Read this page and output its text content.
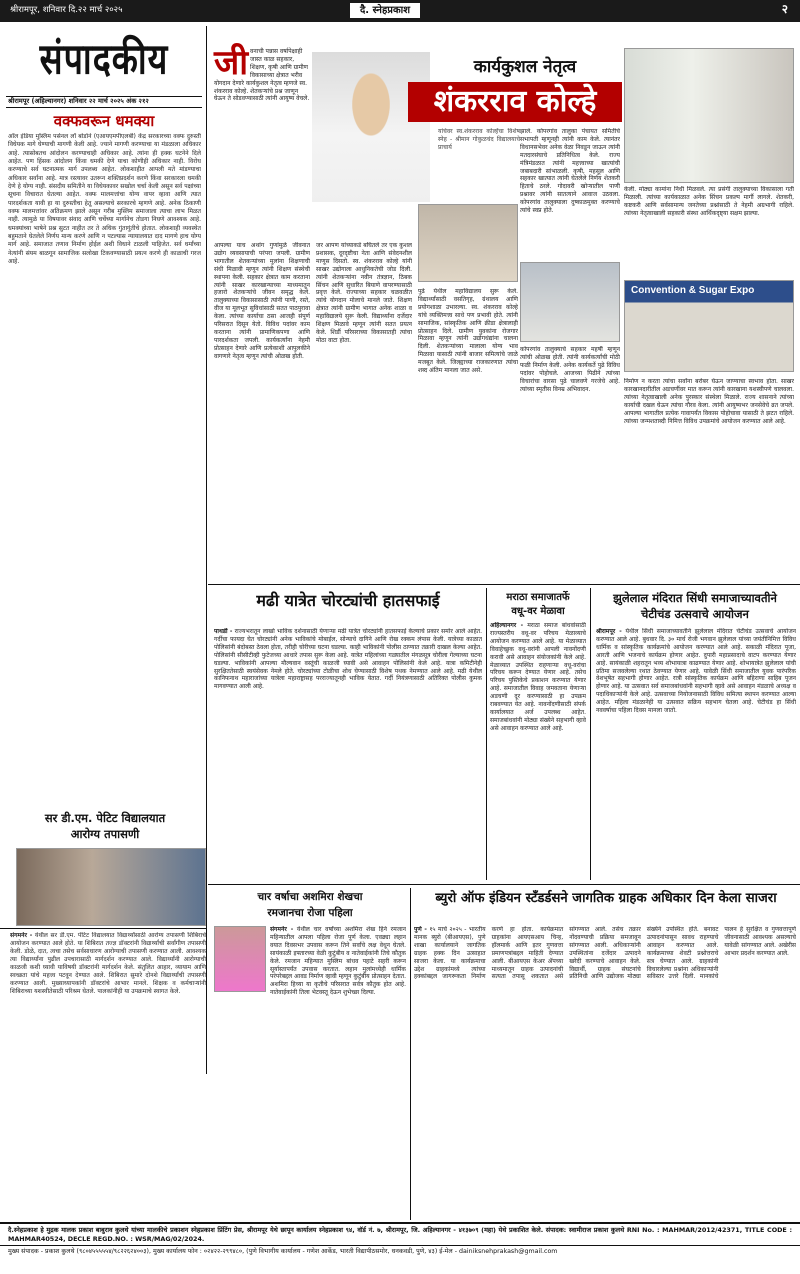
श्रीरामपूर, शनिवार दि.२२ मार्च २०२५	दै. स्नेहप्रकाश	२
संपादकीय
श्रीरामपूर (अहिल्यानगर) शनिवार २२ मार्च २०२५ अंक २१२
वक्फवरून धमक्या
आँल इंडिया मुस्लिम पर्सनल लॉ बोर्डाने (एआयएमपीएलबी) केंद्र सरकारच्या वक्फ दुरुस्ती विधेयक मागे घेण्याची मागणी केली आहे. ज्याने मागणी करण्याचा या मंडळाला अधिकार आहे. त्यासोबतच आंदोलन करण्याचाही अधिकार आहे. त्यांना ही हक्क घटनेने दिले आहेत. पण हिंसक आंदोलन किंवा धमकी देणे याचा कोणीही अधिकार नाही. विरोध करण्याचे सर्व घटनात्मक मार्ग उपलब्ध आहेत. लोकशाहीत आपली मते मांडण्याचा अधिकार सर्वांना आहे. मात्र रस्त्यावर उतरून शक्तिप्रदर्शन करणे किंवा सरकारला धमकी देणे हे योग्य नाही. संसदीय समितीने या विधेयकावर सखोल चर्चा केली असून सर्व पक्षांच्या सूचना विचारात घेतल्या आहेत. वक्फ मालमत्तांचा योग्य वापर व्हावा आणि त्यात पारदर्शकता यावी हा या दुरुस्तीचा हेतू असल्याचे सरकारचे म्हणणे आहे. अनेक ठिकाणी वक्फ मालमत्तांवर अतिक्रमण झाले असून गरीब मुस्लिम समाजाला त्याचा लाभ मिळत नाही. त्यामुळे या विषयावर संवाद आणि चर्चेच्या मार्गानेच तोडगा निघणे आवश्यक आहे. धमक्यांच्या भाषेने प्रश्न सुटत नाहीत तर ते अधिक गुंतागुंतीचे होतात. लोकशाही व्यवस्थेत बहुमताने घेतलेले निर्णय मान्य करणे आणि न पटल्यास न्यायालयात दाद मागणे हाच योग्य मार्ग आहे. समाजात तणाव निर्माण होईल अशी विधाने टाळली पाहिजेत. सर्व धर्मांच्या नेत्यांनी संयम बाळगून सामाजिक सलोखा टिकवण्यासाठी प्रयत्न करणे ही काळाची गरज आहे.
जी वनाची पन्नास वर्षापेक्षाही जास्त काळ सहकार, शिक्षण, कृषी आणि ग्रामीण विकासाच्या क्षेत्रात भरीव योगदान देणारे कार्यकुशल नेतृत्व म्हणजे स्व. शंकरराव कोल्हे. शेतकऱ्यांचे प्रश्न जाणून घेऊन ते सोडवण्यासाठी त्यांनी आयुष्य वेचले.
कार्यकुशल नेतृत्व
शंकरराव कोल्हे
यांचेवर स्व.शंकरराव कोल्हेंचा विशेष स्नेह - श्रीमान गोकुळचंद विद्यालयाचे प्राचार्य
आपल्या याच अथांग गुणांमुळे जीवनात उद्योग व्यवसायाची परंपरा जपली. ग्रामीण भागातील शेतकऱ्यांच्या मुलांना शिक्षणाची संधी मिळावी म्हणून त्यांनी शिक्षण संस्थेची स्थापना केली. सहकार क्षेत्रात काम करताना त्यांनी साखर कारखान्याच्या माध्यमातून हजारो शेतकऱ्यांचे जीवन समृद्ध केले. तालुक्याच्या विकासासाठी त्यांनी पाणी, रस्ते, वीज या मूलभूत सुविधांसाठी सतत पाठपुरावा केला. त्यांच्या कार्याचा ठसा आजही संपूर्ण परिसरात दिसून येतो. विविध पदांवर काम करताना त्यांनी प्रामाणिकपणा आणि पारदर्शकता जपली. कार्यकर्त्यांना नेहमी प्रोत्साहन देणारे आणि प्रत्येकाशी आपुलकीने वागणारे नेतृत्व म्हणून त्यांची ओळख होती.
जर आपण यांच्याकडे बघितले तर एक कुशल प्रशासक, दूरदृष्टीचा नेता आणि संवेदनशील माणूस दिसतो. स्व. शंकरराव कोल्हे यांनी साखर उद्योगाला आधुनिकतेची जोड दिली. त्यांनी शेतकऱ्यांना नवीन तंत्रज्ञान, ठिबक सिंचन आणि सुधारित बियाणे वापरण्यासाठी प्रवृत्त केले. राज्याच्या सहकार चळवळीत त्यांचे योगदान मोलाचे मानले जाते. शिक्षण क्षेत्रात त्यांनी ग्रामीण भागात अनेक शाळा व महाविद्यालये सुरू केली. विद्यार्थ्यांना दर्जेदार शिक्षण मिळावे म्हणून त्यांनी सतत प्रयत्न केले. शिर्डी परिसराच्या विकासातही त्यांचा मोठा वाटा होता.
झाले. कोपरगांव तालुका पंचायत समितीचे सभापती म्हणूनही त्यांनी काम केले. त्यानंतर विधानसभेवर अनेक वेळा निवडून जाऊन त्यांनी मतदारसंघाचे प्रतिनिधित्व केले. राज्य मंत्रिमंडळात त्यांनी महत्त्वाच्या खात्यांची जबाबदारी सांभाळली. कृषी, महसूल आणि सहकार खात्यात त्यांनी घेतलेले निर्णय शेतकरी हिताचे ठरले. गोदावरी खोऱ्यातील पाणी प्रश्नावर त्यांनी सातत्याने आवाज उठवला. कोपरगांव तालुक्याला दुष्काळमुक्त करण्याचे त्यांचे स्वप्न होते.
केली. मोठ्या कामांना निधी मिळवले. त्या प्रसंगी तालुक्याच्या विकासाला गती मिळाली. त्यांच्या कार्यकाळात अनेक सिंचन प्रकल्प मार्गी लागले. शेतकरी, कष्टकरी आणि सर्वसामान्य जनतेच्या प्रश्नांसाठी ते नेहमी अग्रभागी राहिले. त्यांच्या नेतृत्वाखाली सहकारी संस्था आर्थिकदृष्ट्या सक्षम झाल्या.
पुढे येथील महाविद्यालय सुरू केले. विद्यार्थ्यांसाठी वसतिगृह, ग्रंथालय आणि प्रयोगशाळा उभारल्या. स्व. शंकरराव कोल्हे यांचे व्यक्तिमत्त्व साधे पण प्रभावी होते. त्यांनी सामाजिक, सांस्कृतिक आणि क्रीडा क्षेत्रालाही प्रोत्साहन दिले. ग्रामीण युवकांना रोजगार मिळावा म्हणून त्यांनी उद्योगधंद्यांना चालना दिली. शेतकऱ्यांच्या मालाला योग्य भाव मिळावा यासाठी त्यांनी बाजार समित्यांचे जाळे मजबूत केले. जिल्ह्याच्या राजकारणात त्यांचा शब्द अंतिम मानला जात असे.
कोपरगांव तालुक्याचे सहकार महर्षी म्हणून त्यांची ओळख होती. त्यांनी कार्यकर्त्यांची मोठी फळी निर्माण केली. अनेक कार्यकर्ते पुढे विविध पदांवर पोहोचले. आजच्या पिढीने त्यांच्या विचारांचा वारसा पुढे चालवणे गरजेचे आहे. त्यांच्या स्मृतीस विनम्र अभिवादन.
Convention & Sugar Expo
निर्माण न करता त्यांचा सर्वांना बरोबर घेऊन जाण्याचा स्वभाव होता. साखर कारखानदारीतील अडचणींवर मात करून त्यांनी कारखाना यशस्वीपणे चालवला. त्यांच्या नेतृत्वाखाली अनेक पुरस्कार संस्थेला मिळाले. राज्य शासनाने त्यांच्या कार्याची दखल घेऊन त्यांचा गौरव केला. त्यांनी आयुष्यभर जनसेवेचे व्रत जपले. आपल्या भागातील प्रत्येक गावापर्यंत विकास पोहोचावा यासाठी ते झटत राहिले. त्यांच्या जन्मशताब्दी निमित्त विविध उपक्रमांचे आयोजन करण्यात आले आहे.
मढी यात्रेत चोरट्यांची हातसफाई
पाथर्डी - राज्यभरातून लाखो भाविक दर्शनासाठी येणाऱ्या मढी यात्रेत चोरट्यांनी हातसफाई केल्याचे प्रकार समोर आले आहेत. गर्दीचा फायदा घेत चोरट्यांनी अनेक भाविकांचे मोबाईल, सोन्याचे दागिने आणि रोख रक्कम लंपास केली. यात्रेच्या काळात पोलिसांनी बंदोबस्त ठेवला होता, तरीही चोरीच्या घटना घडल्या. काही भाविकांनी पोलीस ठाण्यात तक्रारी दाखल केल्या आहेत. पोलिसांनी सीसीटीव्ही फुटेजच्या आधारे तपास सुरू केला आहे. यात्रेत महिलांच्या गळ्यातील मंगळसूत्र चोरीला गेल्याच्या घटना घडल्या. भाविकांनी आपल्या मौल्यवान वस्तूंची काळजी घ्यावी असे आवाहन पोलिसांनी केले आहे. यात्रा कमिटीनेही सुरक्षिततेसाठी स्वयंसेवक नेमले होते. चोरट्यांच्या टोळीचा शोध घेण्यासाठी विशेष पथक नेमण्यात आले आहे. मढी येथील कानिफनाथ महाराजांच्या यात्रेला महाराष्ट्रासह परराज्यातूनही भाविक येतात. गर्दी नियंत्रणासाठी अतिरिक्त पोलीस कुमक मागवण्यात आली आहे.
मराठा समाजातर्फे
वधू-वर मेळावा
अहिल्यानगर - मराठा समाज बांधवांसाठी राज्यस्तरीय वधू-वर परिचय मेळाव्याचे आयोजन करण्यात आले आहे. या मेळाव्यात विवाहेच्छुक वधू-वरांनी आपली नावनोंदणी करावी असे आवाहन संयोजकांनी केले आहे. मेळाव्यात उपस्थित राहणाऱ्या वधू-वरांचा परिचय करून देण्यात येणार आहे. तसेच परिचय पुस्तिकेचे प्रकाशन करण्यात येणार आहे. समाजातील विवाह जमवताना येणाऱ्या अडचणी दूर करण्यासाठी हा उपक्रम राबवण्यात येत आहे. नावनोंदणीसाठी संपर्क कार्यालयात अर्ज उपलब्ध आहेत. समाजबांधवांनी मोठ्या संख्येने सहभागी व्हावे असे आवाहन करण्यात आले आहे.
झुलेलाल मंदिरात सिंधी समाजाच्यावतीने
चेटीचंड उत्सवाचे आयोजन
श्रीरामपूर - येथील सिंधी समाजाच्यावतीने झुलेलाल मंदिरात चेटीचंड उत्सवाचे आयोजन करण्यात आले आहे. बुधवार दि. ३० मार्च रोजी भगवान झुलेलाल यांच्या जयंतीनिमित्त विविध धार्मिक व सांस्कृतिक कार्यक्रमांचे आयोजन करण्यात आले आहे. सकाळी मंदिरात पूजा, आरती आणि भजनाचे कार्यक्रम होणार आहेत. दुपारी महाप्रसादाचे वाटप करण्यात येणार आहे. सायंकाळी शहरातून भव्य शोभायात्रा काढण्यात येणार आहे. शोभायात्रेत झुलेलाल यांची प्रतिमा सजवलेल्या रथात ठेवण्यात येणार आहे. यावेळी सिंधी समाजातील युवक पारंपरिक वेशभूषेत सहभागी होणार आहेत. रात्री सांस्कृतिक कार्यक्रम आणि बहिराणा साहिब पूजन होणार आहे. या उत्सवात सर्व समाजबांधवांनी सहभागी व्हावे असे आवाहन मंडळाचे अध्यक्ष व पदाधिकाऱ्यांनी केले आहे. उत्सवाच्या नियोजनासाठी विविध समित्या स्थापन करण्यात आल्या आहेत. महिला मंडळानेही या उत्सवात सक्रिय सहभाग घेतला आहे. चेटीचंड हा सिंधी नववर्षाचा पहिला दिवस मानला जातो.
सर डी.एम. पेटिट विद्यालयात
आरोग्य तपासणी
संगमनेर - येथील सर डी.एम. पेटिट विद्यालयात विद्यार्थ्यांसाठी आरोग्य तपासणी शिबिराचे आयोजन करण्यात आले होते. या शिबिरात तज्ज्ञ डॉक्टरांनी विद्यार्थ्यांची सर्वांगीण तपासणी केली. डोळे, दात, त्वचा तसेच सर्वसाधारण आरोग्याची तपासणी करण्यात आली. आवश्यक त्या विद्यार्थ्यांना पुढील उपचारासाठी मार्गदर्शन करण्यात आले. विद्यार्थ्यांनी आरोग्याची काळजी कशी घ्यावी याविषयी डॉक्टरांनी मार्गदर्शन केले. संतुलित आहार, व्यायाम आणि स्वच्छता यांचे महत्त्व पटवून देण्यात आले. शिबिरात सुमारे दोनशे विद्यार्थ्यांची तपासणी करण्यात आली. मुख्याध्यापकांनी डॉक्टरांचे आभार मानले. शिक्षक व कर्मचाऱ्यांनी शिबिराच्या यशस्वीतेसाठी परिश्रम घेतले. पालकांनीही या उपक्रमाचे स्वागत केले.
चार वर्षाचा अशमिरा शेखचा
रमजानचा रोजा पहिला
संगमनेर - येथील चार वर्षांच्या अशमिरा शेख हिने रमजान महिन्यातील आपला पहिला रोजा पूर्ण केला. एवढ्या लहान वयात दिवसभर उपवास करून तिने सर्वांचे लक्ष वेधून घेतले. सायंकाळी इफ्तारच्या वेळी कुटुंबीय व नातेवाईकांनी तिचे कौतुक केले. रमजान महिन्यात मुस्लिम बांधव पहाटे सहरी करून सूर्यास्तापर्यंत उपवास करतात. लहान मुलांमध्येही धार्मिक परंपरेबद्दल आवड निर्माण व्हावी म्हणून कुटुंबीय प्रोत्साहन देतात. अशमिरा हिच्या या कृतीचे परिसरात सर्वत्र कौतुक होत आहे. नातेवाईकांनी तिला भेटवस्तू देऊन शुभेच्छा दिल्या.
ब्युरो ऑफ इंडियन स्टँडर्डसने जागतिक ग्राहक अधिकार दिन केला साजरा
पुणे - १५ मार्च २०२५ - भारतीय मानक ब्युरो (बीआयएस), पुणे शाखा कार्यालयाने जागतिक ग्राहक हक्क दिन उत्साहात साजरा केला. या कार्यक्रमाचा उद्देश ग्राहकांमध्ये त्यांच्या हक्कांबद्दल जागरूकता निर्माण करणे हा होता. कार्यक्रमात ग्राहकांना आयएसआय चिन्ह, हॉलमार्क आणि इतर गुणवत्ता प्रमाणपत्रांबद्दल माहिती देण्यात आली. बीआयएस केअर ॲपच्या माध्यमातून ग्राहक उत्पादनांची सत्यता तपासू शकतात असे सांगण्यात आले. तसेच तक्रार नोंदवण्याची प्रक्रिया समजावून सांगण्यात आली. अधिकाऱ्यांनी उपस्थितांना दर्जेदार उत्पादने खरेदी करण्याचे आवाहन केले. विद्यार्थी, ग्राहक संघटनांचे प्रतिनिधी आणि उद्योजक मोठ्या संख्येने उपस्थित होते. बनावट उत्पादनांपासून सावध राहण्याचे आवाहन करण्यात आले. कार्यक्रमाच्या शेवटी प्रश्नोत्तराचे सत्र घेण्यात आले. ग्राहकांनी विचारलेल्या प्रश्नांना अधिकाऱ्यांनी सविस्तर उत्तरे दिली. मानकांचे पालन हे सुरक्षित व गुणवत्तापूर्ण जीवनासाठी आवश्यक असल्याचे यावेळी सांगण्यात आले. अखेरीस आभार प्रदर्शन करण्यात आले.
दै.स्नेहप्रकाश हे मुद्रक मालक प्रकाश बाबुराव कुलथे यांच्या मालकीचे प्रकाशन स्नेहप्रकाश प्रिंटिंग प्रेस, श्रीरामपूर येथे छापून कार्यालय स्नेहप्रकाश ९४, वॉर्ड नं. ७, श्रीरामपूर, जि. अहिल्यानगर - ४१३७०९ (महा) येथे प्रकाशित केले. संपादक: स्वामीराज प्रकाश कुलथे RNI No. : MAHMAR/2012/42371, TITLE CODE : MAHMAR40524, DECLE REGD.NO. : WSR/MAG/02/2024.
मुख्य संपादक - प्रकाश कुलथे (९८०४५५५५५४/९८२२६२४००३), मुख्य कार्यालय फोन : ०२४२२-२९९४८०, (पुणे विभागीय कार्यालय - गणेश आर्केड, भारती विद्यापीठसमोर, धनकवडी, पुणे, ४३) ई-मेल - dainiksnehprakash@gmail.com
